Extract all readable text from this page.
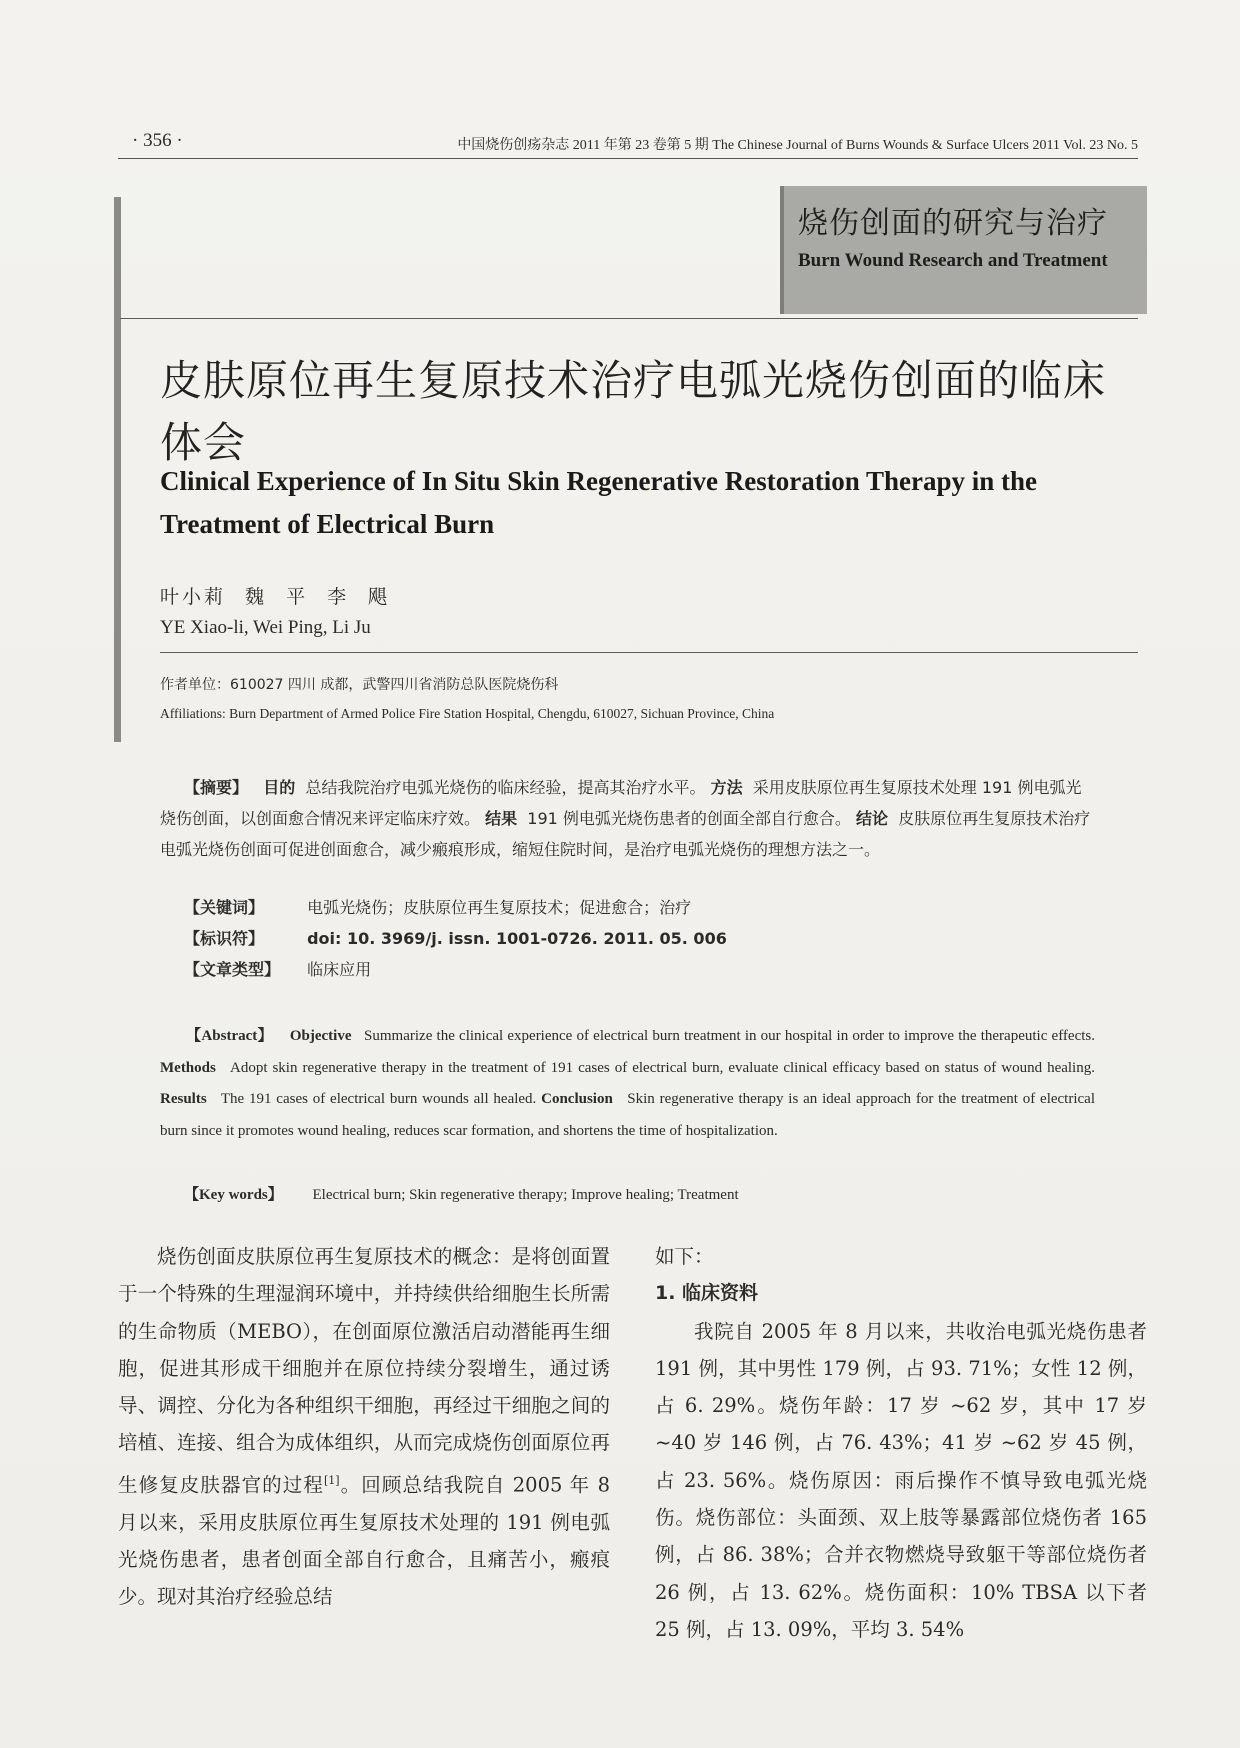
· 356 ·	中国烧伤创疡杂志 2011 年第 23 卷第 5 期 The Chinese Journal of Burns Wounds & Surface Ulcers 2011 Vol. 23 No. 5
烧伤创面的研究与治疗
Burn Wound Research and Treatment
皮肤原位再生复原技术治疗电弧光烧伤创面的临床体会
Clinical Experience of In Situ Skin Regenerative Restoration Therapy in the Treatment of Electrical Burn
叶小莉 魏 平 李 飓
YE Xiao-li, Wei Ping, Li Ju
作者单位：610027 四川 成都，武警四川省消防总队医院烧伤科
Affiliations: Burn Department of Armed Police Fire Station Hospital, Chengdu, 610027, Sichuan Province, China
【摘要】 目的 总结我院治疗电弧光烧伤的临床经验，提高其治疗水平。 方法 采用皮肤原位再生复原技术处理 191 例电弧光烧伤创面，以创面愈合情况来评定临床疗效。 结果 191 例电弧光烧伤患者的创面全部自行愈合。 结论 皮肤原位再生复原技术治疗电弧光烧伤创面可促进创面愈合，减少瘢痕形成，缩短住院时间，是治疗电弧光烧伤的理想方法之一。
【关键词】	电弧光烧伤；皮肤原位再生复原技术；促进愈合；治疗
【标识符】	doi: 10. 3969/j. issn. 1001-0726. 2011. 05. 006
【文章类型】 临床应用
【Abstract】 Objective Summarize the clinical experience of electrical burn treatment in our hospital in order to improve the therapeutic effects. Methods Adopt skin regenerative therapy in the treatment of 191 cases of electrical burn, evaluate clinical efficacy based on status of wound healing. Results The 191 cases of electrical burn wounds all healed. Conclusion Skin regenerative therapy is an ideal approach for the treatment of electrical burn since it promotes wound healing, reduces scar formation, and shortens the time of hospitalization.
【Key words】 Electrical burn; Skin regenerative therapy; Improve healing; Treatment

烧伤创面皮肤原位再生复原技术的概念：是将创面置于一个特殊的生理湿润环境中，并持续供给细胞生长所需的生命物质（MEBO），在创面原位激活启动潜能再生细胞，促进其形成干细胞并在原位持续分裂增生，通过诱导、调控、分化为各种组织干细胞，再经过干细胞之间的培植、连接、组合为成体组织，从而完成烧伤创面原位再生修复皮肤器官的过程[1]。回顾总结我院自 2005 年 8 月以来，采用皮肤原位再生复原技术处理的 191 例电弧光烧伤患者，患者创面全部自行愈合，且痛苦小，瘢痕少。现对其治疗经验总结

如下：

1. 临床资料

我院自 2005 年 8 月以来，共收治电弧光烧伤患者 191 例，其中男性 179 例，占 93. 71%；女性 12 例，占 6. 29%。烧伤年龄：17 岁 ~62 岁，其中 17 岁 ~40 岁 146 例，占 76. 43%；41 岁 ~62 岁 45 例，占 23. 56%。烧伤原因：雨后操作不慎导致电弧光烧伤。烧伤部位：头面颈、双上肢等暴露部位烧伤者 165 例，占 86. 38%；合并衣物燃烧导致躯干等部位烧伤者 26 例，占 13. 62%。烧伤面积：10% TBSA 以下者 25 例，占 13. 09%，平均 3. 54%
